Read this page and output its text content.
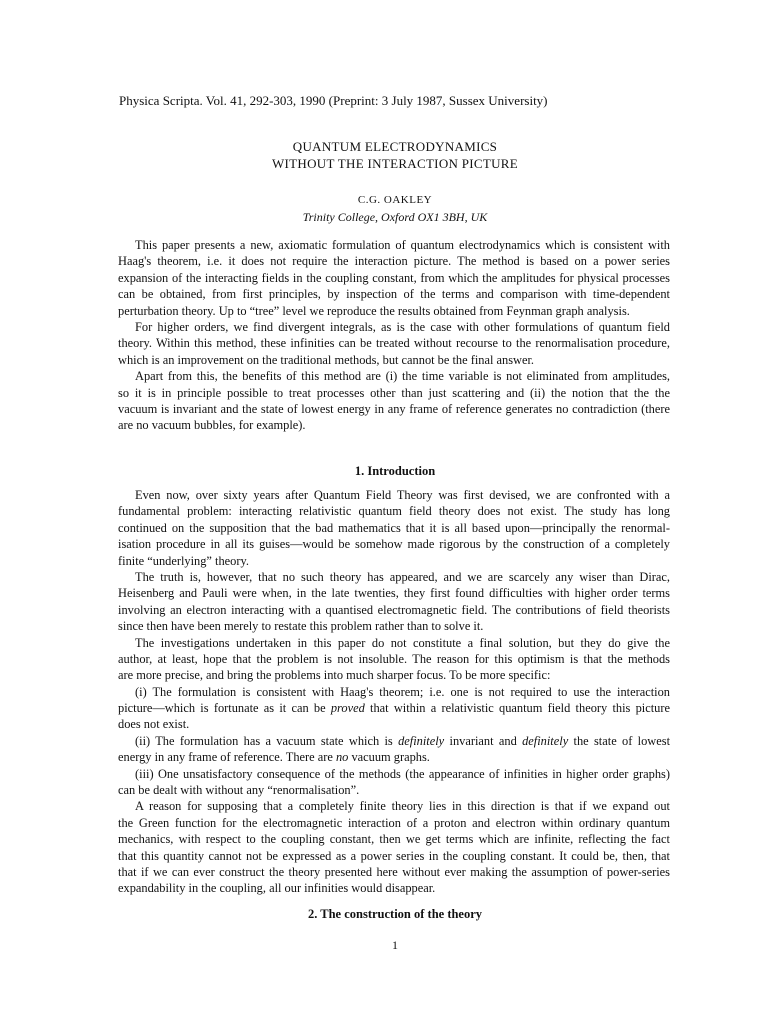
Physica Scripta. Vol. 41, 292-303, 1990 (Preprint: 3 July 1987, Sussex University)
QUANTUM ELECTRODYNAMICS
WITHOUT THE INTERACTION PICTURE
C.G. OAKLEY
Trinity College, Oxford OX1 3BH, UK
This paper presents a new, axiomatic formulation of quantum electrodynamics which is consistent with
Haag's theorem, i.e. it does not require the interaction picture. The method is based on a power series
expansion of the interacting fields in the coupling constant, from which the amplitudes for physical processes
can be obtained, from first principles, by inspection of the terms and comparison with time-dependent
perturbation theory. Up to “tree” level we reproduce the results obtained from Feynman graph analysis.
For higher orders, we find divergent integrals, as is the case with other formulations of quantum field
theory. Within this method, these infinities can be treated without recourse to the renormalisation procedure,
which is an improvement on the traditional methods, but cannot be the final answer.
Apart from this, the benefits of this method are (i) the time variable is not eliminated from amplitudes,
so it is in principle possible to treat processes other than just scattering and (ii) the notion that the the
vacuum is invariant and the state of lowest energy in any frame of reference generates no contradiction (there
are no vacuum bubbles, for example).
1. Introduction
Even now, over sixty years after Quantum Field Theory was first devised, we are confronted with a
fundamental problem: interacting relativistic quantum field theory does not exist. The study has long
continued on the supposition that the bad mathematics that it is all based upon—principally the renormal-
isation procedure in all its guises—would be somehow made rigorous by the construction of a completely
finite “underlying” theory.
The truth is, however, that no such theory has appeared, and we are scarcely any wiser than Dirac,
Heisenberg and Pauli were when, in the late twenties, they first found difficulties with higher order terms
involving an electron interacting with a quantised electromagnetic field. The contributions of field theorists
since then have been merely to restate this problem rather than to solve it.
The investigations undertaken in this paper do not constitute a final solution, but they do give the
author, at least, hope that the problem is not insoluble. The reason for this optimism is that the methods
are more precise, and bring the problems into much sharper focus. To be more specific:
(i) The formulation is consistent with Haag's theorem; i.e. one is not required to use the interaction
picture—which is fortunate as it can be proved that within a relativistic quantum field theory this picture
does not exist.
(ii) The formulation has a vacuum state which is definitely invariant and definitely the state of lowest
energy in any frame of reference. There are no vacuum graphs.
(iii) One unsatisfactory consequence of the methods (the appearance of infinities in higher order graphs)
can be dealt with without any “renormalisation”.
A reason for supposing that a completely finite theory lies in this direction is that if we expand out
the Green function for the electromagnetic interaction of a proton and electron within ordinary quantum
mechanics, with respect to the coupling constant, then we get terms which are infinite, reflecting the fact
that this quantity cannot not be expressed as a power series in the coupling constant. It could be, then, that
that if we can ever construct the theory presented here without ever making the assumption of power-series
expandability in the coupling, all our infinities would disappear.
2. The construction of the theory
1
